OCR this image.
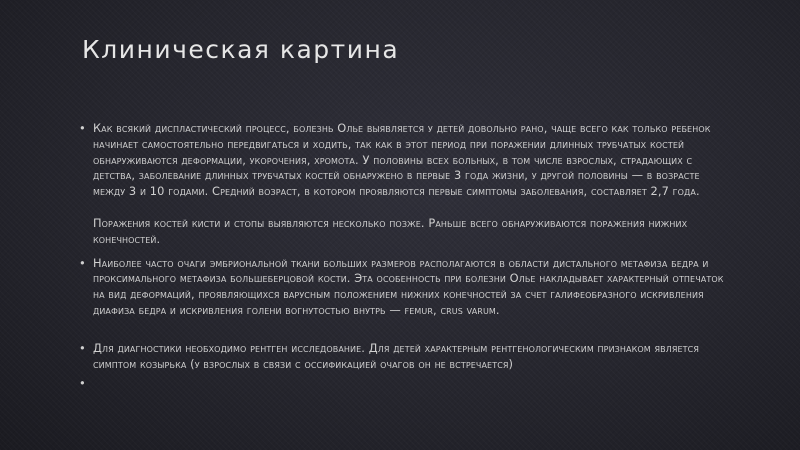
Клиническая картина

• Как всякий диспластический процесс, болезнь Олье выявляется у детей довольно рано, чаще всего как только ребенок начинает самостоятельно передвигаться и ходить, так как в этот период при поражении длинных трубчатых костей обнаруживаются деформации, укорочения, хромота. У половины всех больных, в том числе взрослых, страдающих с детства, заболевание длинных трубчатых костей обнаружено в первые 3 года жизни, у другой половины — в возрасте между 3 и 10 годами. Средний возраст, в котором проявляются первые симптомы заболевания, составляет 2,7 года.

Поражения костей кисти и стопы выявляются несколько позже. Раньше всего обнаруживаются поражения нижних конечностей.

• Наиболее часто очаги эмбриональной ткани больших размеров располагаются в области дистального метафиза бедра и проксимального метафиза большеберцовой кости. Эта особенность при болезни Олье накладывает характерный отпечаток на вид деформаций, проявляющихся варусным положением нижних конечностей за счет галифеобразного искривления диафиза бедра и искривления голени вогнутостью внутрь — femur, crus varum.

• Для диагностики необходимо рентген исследование. Для детей характерным рентгенологическим признаком является симптом козырька (у взрослых в связи с оссификацией очагов он не встречается)

•
